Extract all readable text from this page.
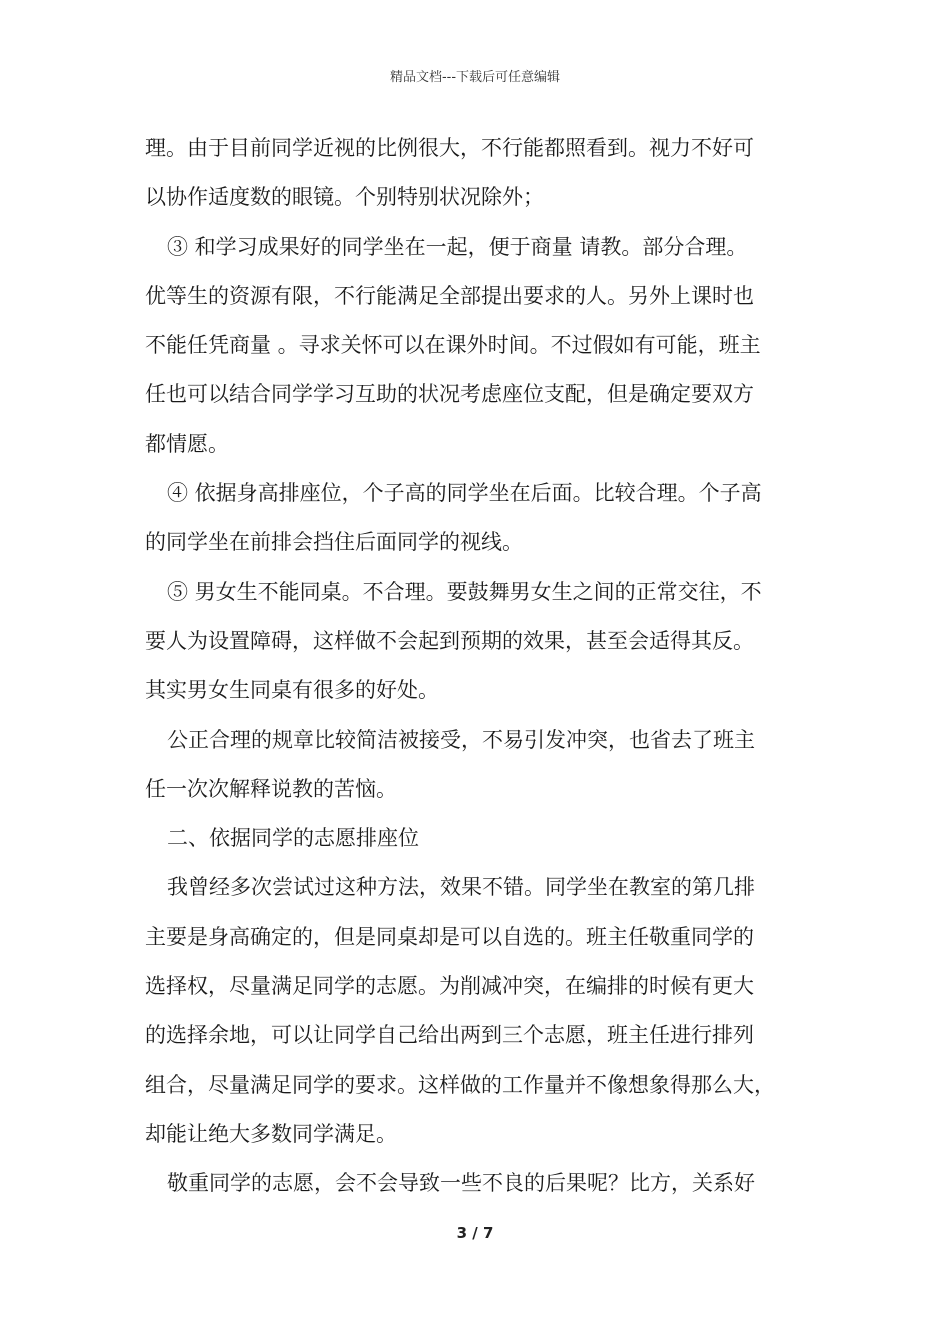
精品文档---下载后可任意编辑
理。由于目前同学近视的比例很大，不行能都照看到。视力不好可
以协作适度数的眼镜。个别特别状况除外；
③ 和学习成果好的同学坐在一起，便于商量 请教。部分合理。
优等生的资源有限，不行能满足全部提出要求的人。另外上课时也
不能任凭商量 。寻求关怀可以在课外时间。不过假如有可能，班主
任也可以结合同学学习互助的状况考虑座位支配，但是确定要双方
都情愿。
④ 依据身高排座位，个子高的同学坐在后面。比较合理。个子高
的同学坐在前排会挡住后面同学的视线。
⑤ 男女生不能同桌。不合理。要鼓舞男女生之间的正常交往，不
要人为设置障碍，这样做不会起到预期的效果，甚至会适得其反。
其实男女生同桌有很多的好处。
公正合理的规章比较简洁被接受，不易引发冲突，也省去了班主
任一次次解释说教的苦恼。
二、依据同学的志愿排座位
我曾经多次尝试过这种方法，效果不错。同学坐在教室的第几排
主要是身高确定的，但是同桌却是可以自选的。班主任敬重同学的
选择权，尽量满足同学的志愿。为削减冲突，在编排的时候有更大
的选择余地，可以让同学自己给出两到三个志愿，班主任进行排列
组合，尽量满足同学的要求。这样做的工作量并不像想象得那么大，
却能让绝大多数同学满足。
敬重同学的志愿，会不会导致一些不良的后果呢？比方，关系好
3 / 7
